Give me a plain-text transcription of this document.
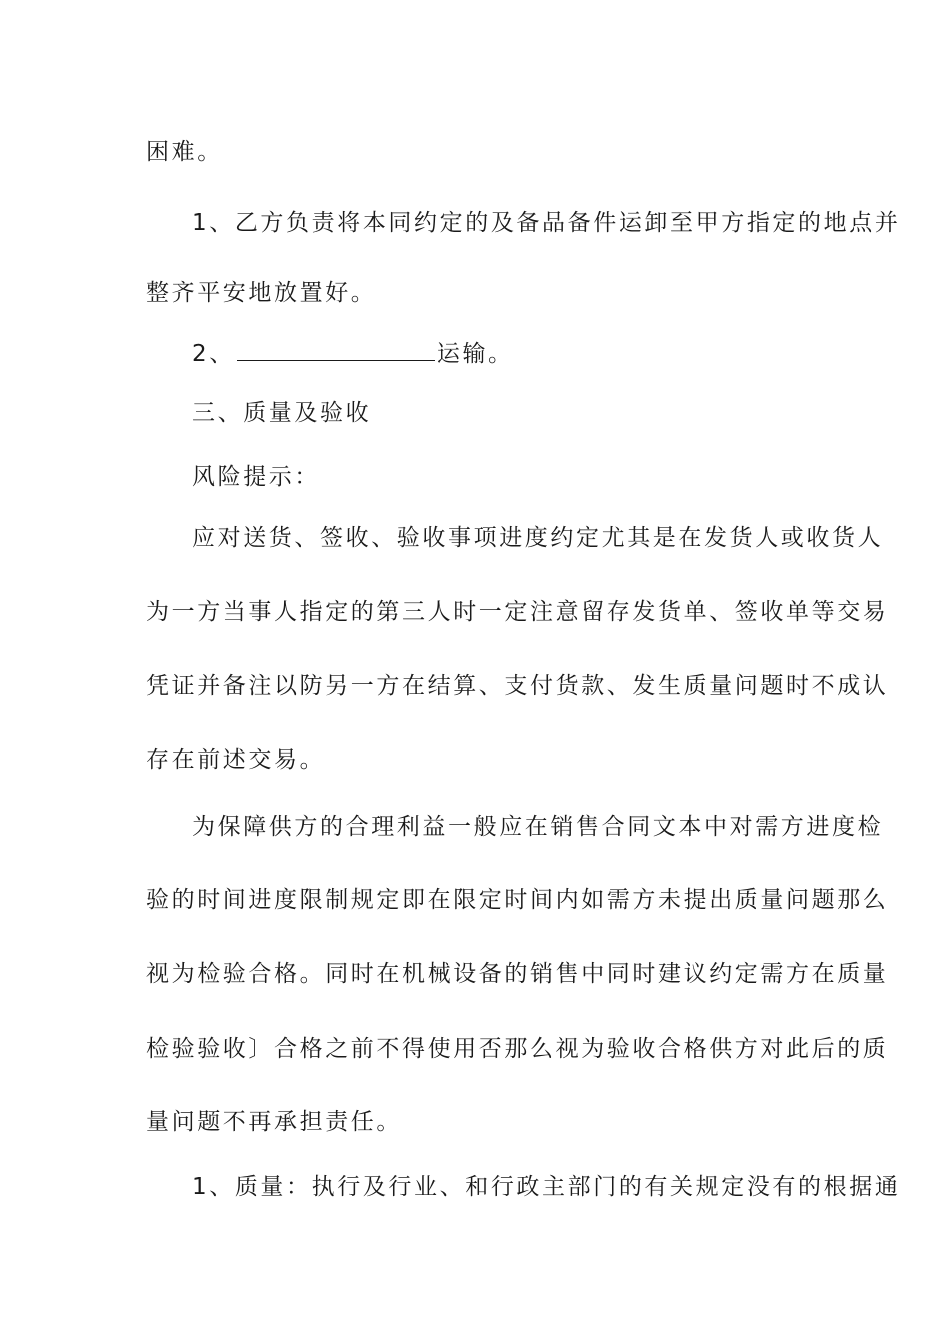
困难。
1、乙方负责将本同约定的及备品备件运卸至甲方指定的地点并
整齐平安地放置好。
2、	运输。
三、质量及验收
风险提示：
应对送货、签收、验收事项进度约定尤其是在发货人或收货人
为一方当事人指定的第三人时一定注意留存发货单、签收单等交易
凭证并备注以防另一方在结算、支付货款、发生质量问题时不成认
存在前述交易。
为保障供方的合理利益一般应在销售合同文本中对需方进度检
验的时间进度限制规定即在限定时间内如需方未提出质量问题那么
视为检验合格。同时在机械设备的销售中同时建议约定需方在质量
检验验收〕合格之前不得使用否那么视为验收合格供方对此后的质
量问题不再承担责任。
1、质量：执行及行业、和行政主部门的有关规定没有的根据通
